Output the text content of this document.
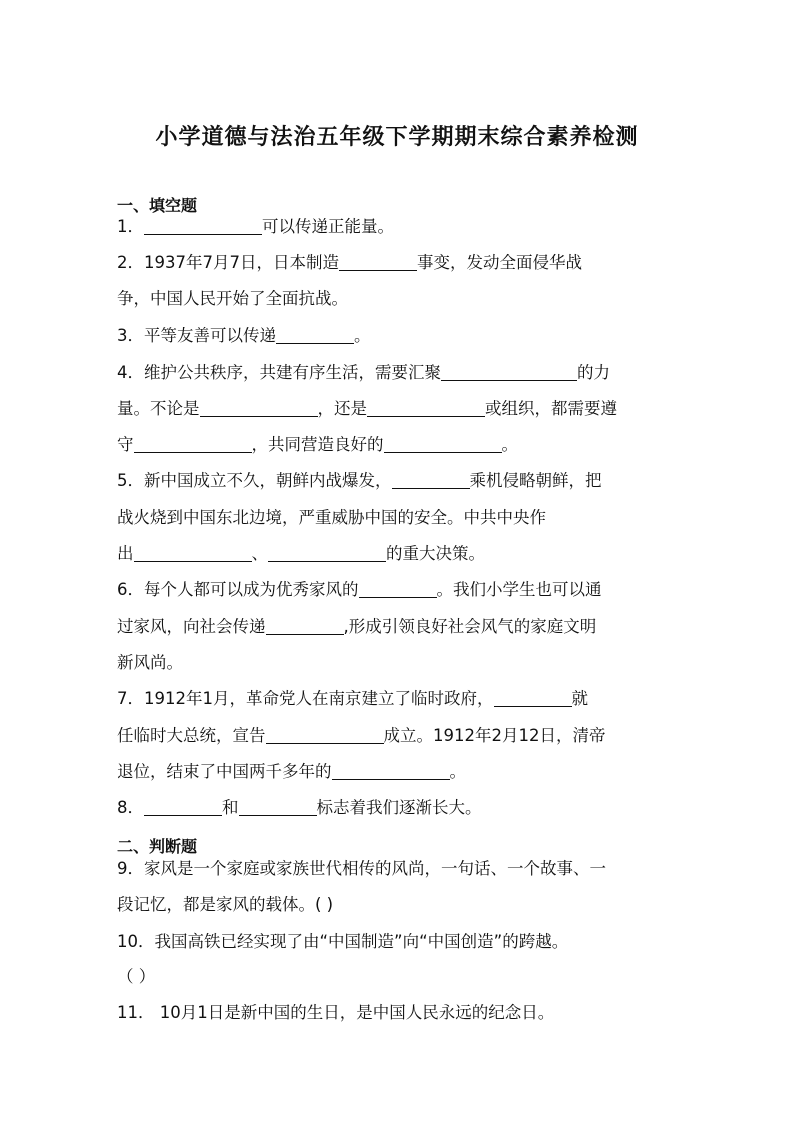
小学道德与法治五年级下学期期末综合素养检测
一、填空题
1．	可以传递正能量。
2．1937年7月7日，日本制造	事变，发动全面侵华战
争，中国人民开始了全面抗战。
3．平等友善可以传递	。
4．维护公共秩序，共建有序生活，需要汇聚	的力
量。不论是	，还是	或组织，都需要遵
守	，共同营造良好的	。
5．新中国成立不久，朝鲜内战爆发，	乘机侵略朝鲜，把
战火烧到中国东北边境，严重威胁中国的安全。中共中央作
出	、	的重大决策。
6．每个人都可以成为优秀家风的	。我们小学生也可以通
过家风，向社会传递	,形成引领良好社会风气的家庭文明
新风尚。
7．1912年1月，革命党人在南京建立了临时政府，	就
任临时大总统，宣告	成立。1912年2月12日，清帝
退位，结束了中国两千多年的	。
8．	和	标志着我们逐渐长大。
二、判断题
9．家风是一个家庭或家族世代相传的风尚，一句话、一个故事、一
段记忆，都是家风的载体。( )
10．我国高铁已经实现了由“中国制造”向“中国创造”的跨越。
（ ）
11． 10月1日是新中国的生日，是中国人民永远的纪念日。
